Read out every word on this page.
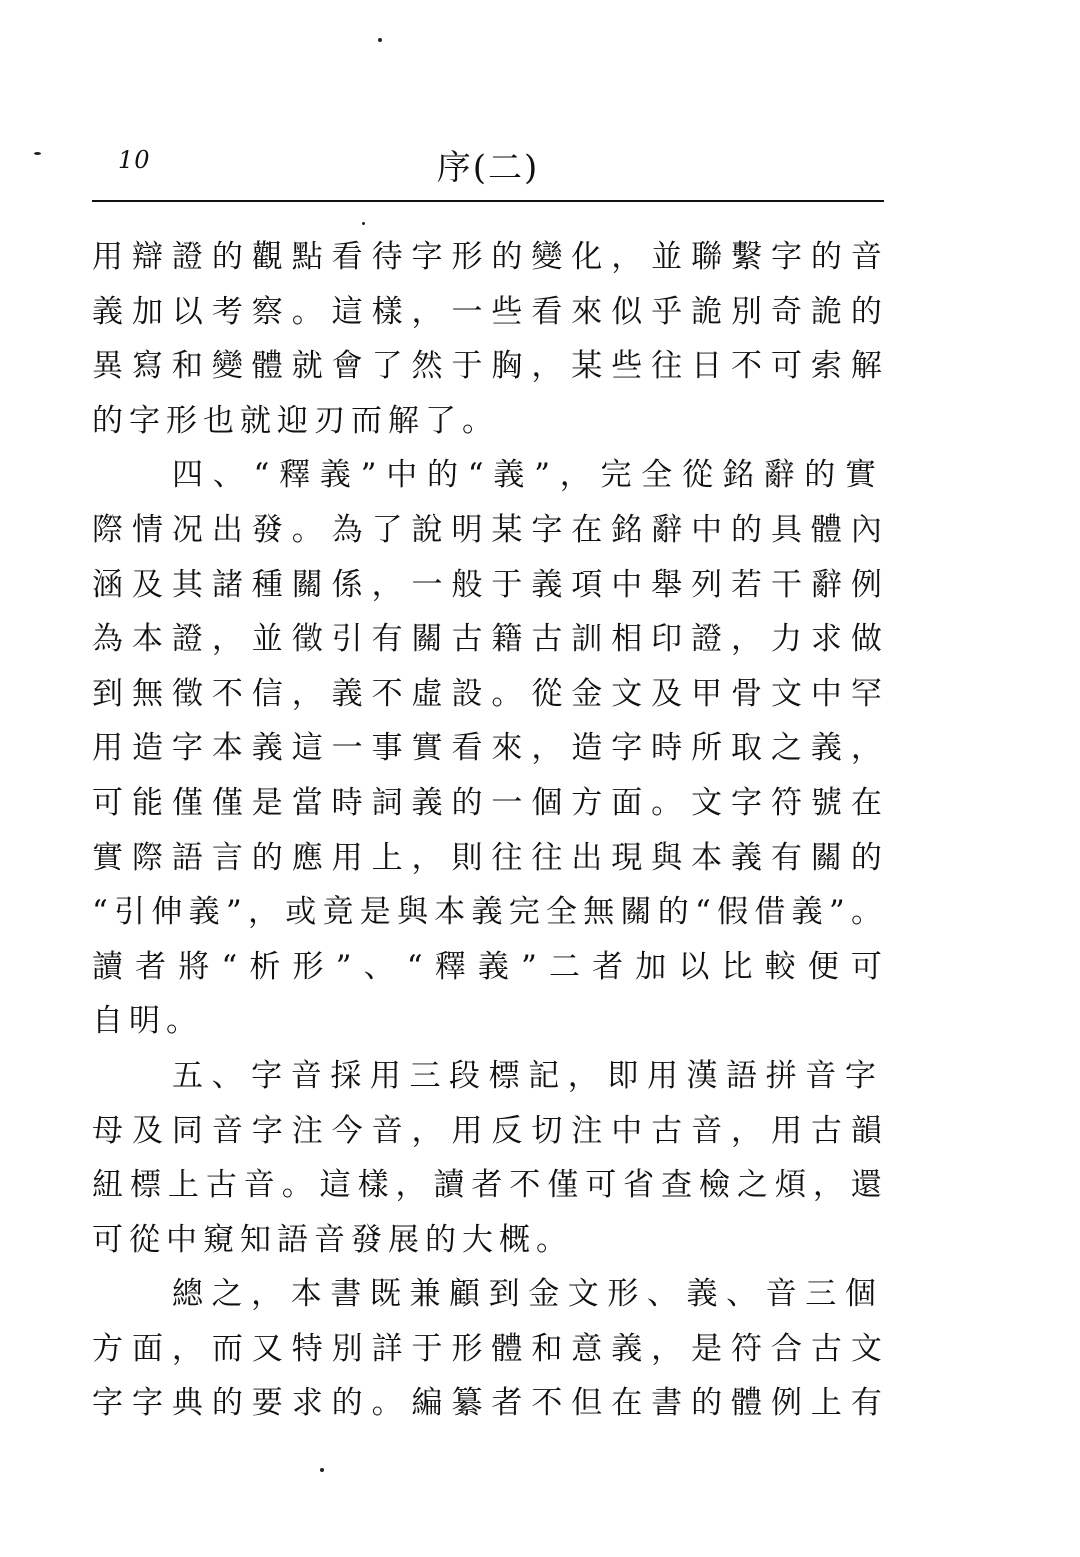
10	序(二)
用 辯 證 的 觀 點 看 待 字 形 的 變 化 ， 並 聯 繫 字 的 音
義 加 以 考 察 。 這 樣 ， 一 些 看 來 似 乎 詭 別 奇 詭 的
異 寫 和 變 體 就 會 了 然 于 胸 ， 某 些 往 日 不 可 索 解
的 字 形 也 就 迎 刃 而 解 了 。
四 、 “ 釋 義 ” 中 的 “ 義 ” ， 完 全 從 銘 辭 的 實
際 情 况 出 發 。 為 了 說 明 某 字 在 銘 辭 中 的 具 體 內
涵 及 其 諸 種 關 係 ， 一 般 于 義 項 中 舉 列 若 干 辭 例
為 本 證 ， 並 徵 引 有 關 古 籍 古 訓 相 印 證 ， 力 求 做
到 無 徵 不 信 ， 義 不 虛 設 。 從 金 文 及 甲 骨 文 中 罕
用 造 字 本 義 這 一 事 實 看 來 ， 造 字 時 所 取 之 義 ，
可 能 僅 僅 是 當 時 詞 義 的 一 個 方 面 。 文 字 符 號 在
實 際 語 言 的 應 用 上 ， 則 往 往 出 現 與 本 義 有 關 的
“ 引 伸 義 ” ， 或 竟 是 與 本 義 完 全 無 關 的 “ 假 借 義 ” 。
讀 者 將 “ 析 形 ” 、 “ 釋 義 ” 二 者 加 以 比 較 便 可
自 明 。
五 、 字 音 採 用 三 段 標 記 ， 即 用 漢 語 拼 音 字
母 及 同 音 字 注 今 音 ， 用 反 切 注 中 古 音 ， 用 古 韻
紐 標 上 古 音 。 這 樣 ， 讀 者 不 僅 可 省 查 檢 之 煩 ， 還
可 從 中 窺 知 語 音 發 展 的 大 概 。
總 之 ， 本 書 既 兼 顧 到 金 文 形 、 義 、 音 三 個
方 面 ， 而 又 特 別 詳 于 形 體 和 意 義 ， 是 符 合 古 文
字 字 典 的 要 求 的 。 編 纂 者 不 但 在 書 的 體 例 上 有
